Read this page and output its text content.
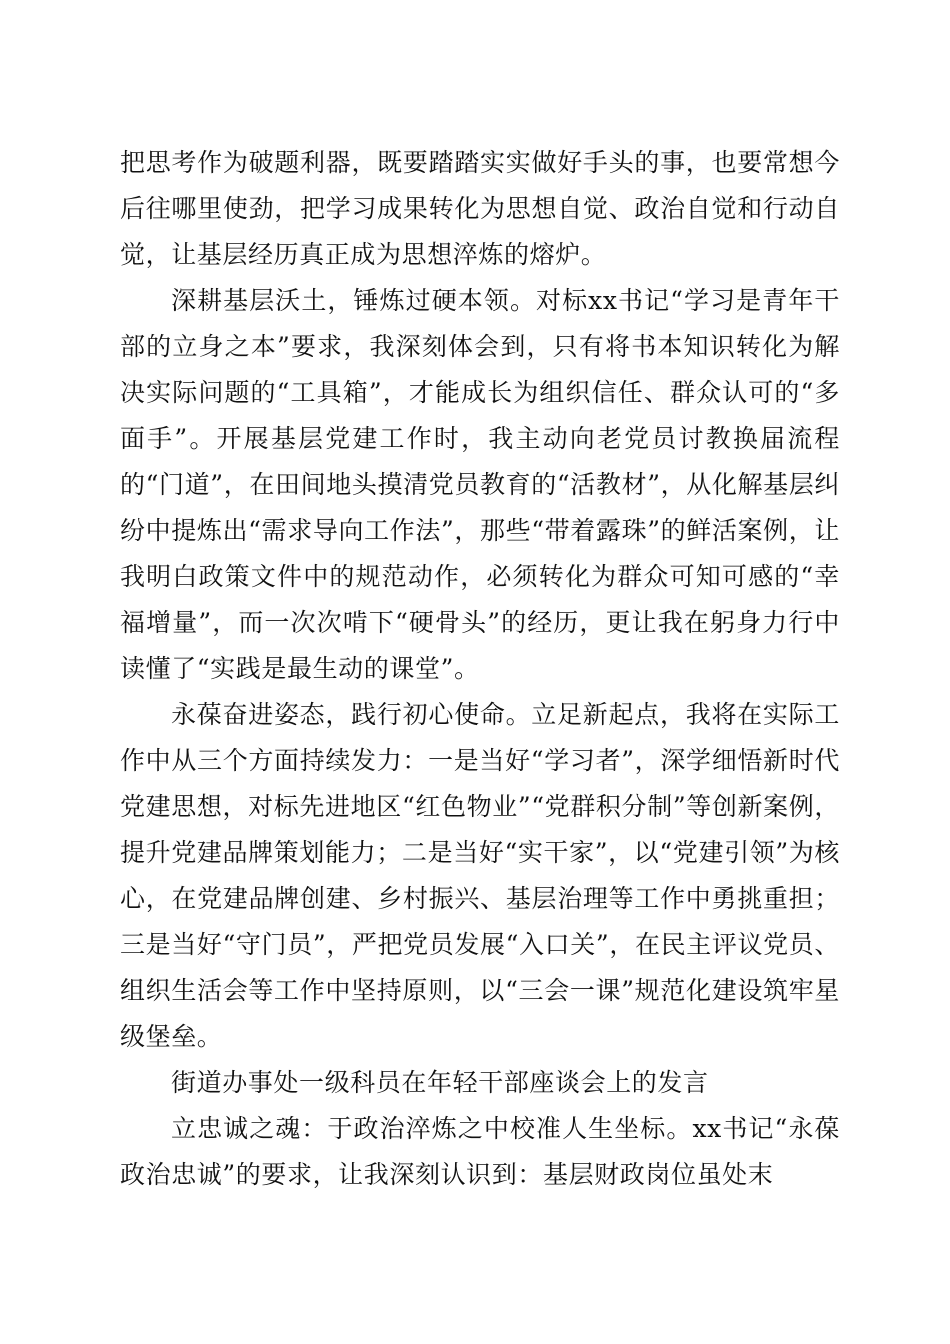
把思考作为破题利器，既要踏踏实实做好手头的事，也要常想今后往哪里使劲，把学习成果转化为思想自觉、政治自觉和行动自觉，让基层经历真正成为思想淬炼的熔炉。

深耕基层沃土，锤炼过硬本领。对标xx书记“学习是青年干部的立身之本”要求，我深刻体会到，只有将书本知识转化为解决实际问题的“工具箱”，才能成长为组织信任、群众认可的“多面手”。开展基层党建工作时，我主动向老党员讨教换届流程的“门道”，在田间地头摸清党员教育的“活教材”，从化解基层纠纷中提炼出“需求导向工作法”，那些“带着露珠”的鲜活案例，让我明白政策文件中的规范动作，必须转化为群众可知可感的“幸福增量”，而一次次啃下“硬骨头”的经历，更让我在躬身力行中读懂了“实践是最生动的课堂”。

永葆奋进姿态，践行初心使命。立足新起点，我将在实际工作中从三个方面持续发力：一是当好“学习者”，深学细悟新时代党建思想，对标先进地区“红色物业”“党群积分制”等创新案例，提升党建品牌策划能力；二是当好“实干家”，以“党建引领”为核心，在党建品牌创建、乡村振兴、基层治理等工作中勇挑重担；三是当好“守门员”，严把党员发展“入口关”，在民主评议党员、组织生活会等工作中坚持原则，以“三会一课”规范化建设筑牢星级堡垒。

街道办事处一级科员在年轻干部座谈会上的发言

立忠诚之魂：于政治淬炼之中校准人生坐标。xx书记“永葆政治忠诚”的要求，让我深刻认识到：基层财政岗位虽处末
